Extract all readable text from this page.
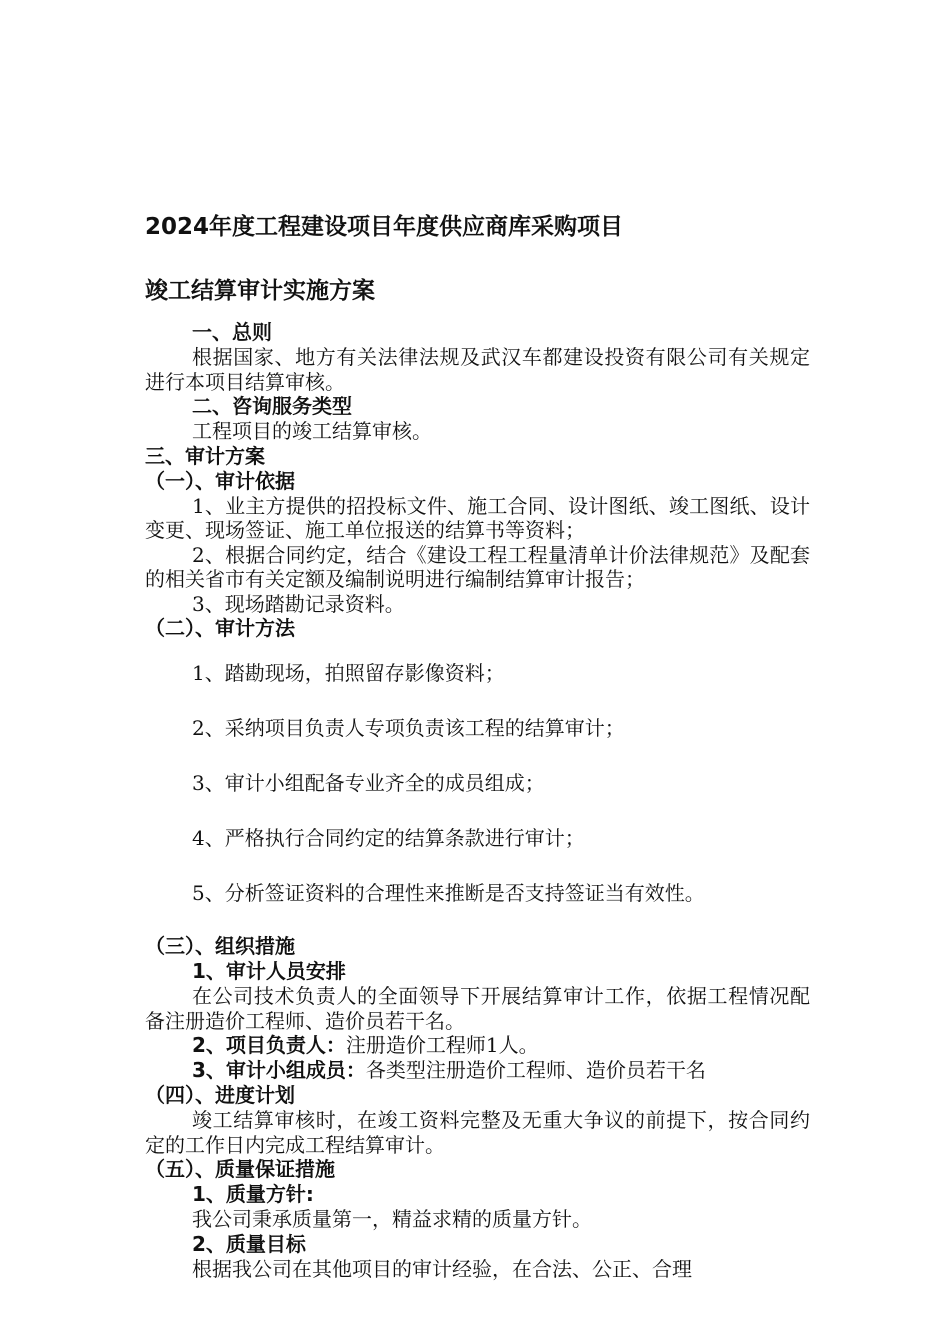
2024年度工程建设项目年度供应商库采购项目
竣工结算审计实施方案
一、总则

根据国家、地方有关法律法规及武汉车都建设投资有限公司有关规定进行本项目结算审核。

二、咨询服务类型

工程项目的竣工结算审核。

三、审计方案
（一）、审计依据

1、业主方提供的招投标文件、施工合同、设计图纸、竣工图纸、设计变更、现场签证、施工单位报送的结算书等资料；

2、根据合同约定，结合《建设工程工程量清单计价法律规范》及配套的相关省市有关定额及编制说明进行编制结算审计报告；

3、现场踏勘记录资料。

（二）、审计方法

1、踏勘现场，拍照留存影像资料；

2、采纳项目负责人专项负责该工程的结算审计；

3、审计小组配备专业齐全的成员组成；

4、严格执行合同约定的结算条款进行审计；

5、分析签证资料的合理性来推断是否支持签证当有效性。

（三）、组织措施
1、审计人员安排

在公司技术负责人的全面领导下开展结算审计工作，依据工程情况配备注册造价工程师、造价员若干名。

2、项目负责人：注册造价工程师1人。

3、审计小组成员：各类型注册造价工程师、造价员若干名

（四）、进度计划

竣工结算审核时，在竣工资料完整及无重大争议的前提下，按合同约定的工作日内完成工程结算审计。

（五）、质量保证措施
1、质量方针:

我公司秉承质量第一，精益求精的质量方针。

2、质量目标

根据我公司在其他项目的审计经验，在合法、公正、合理
